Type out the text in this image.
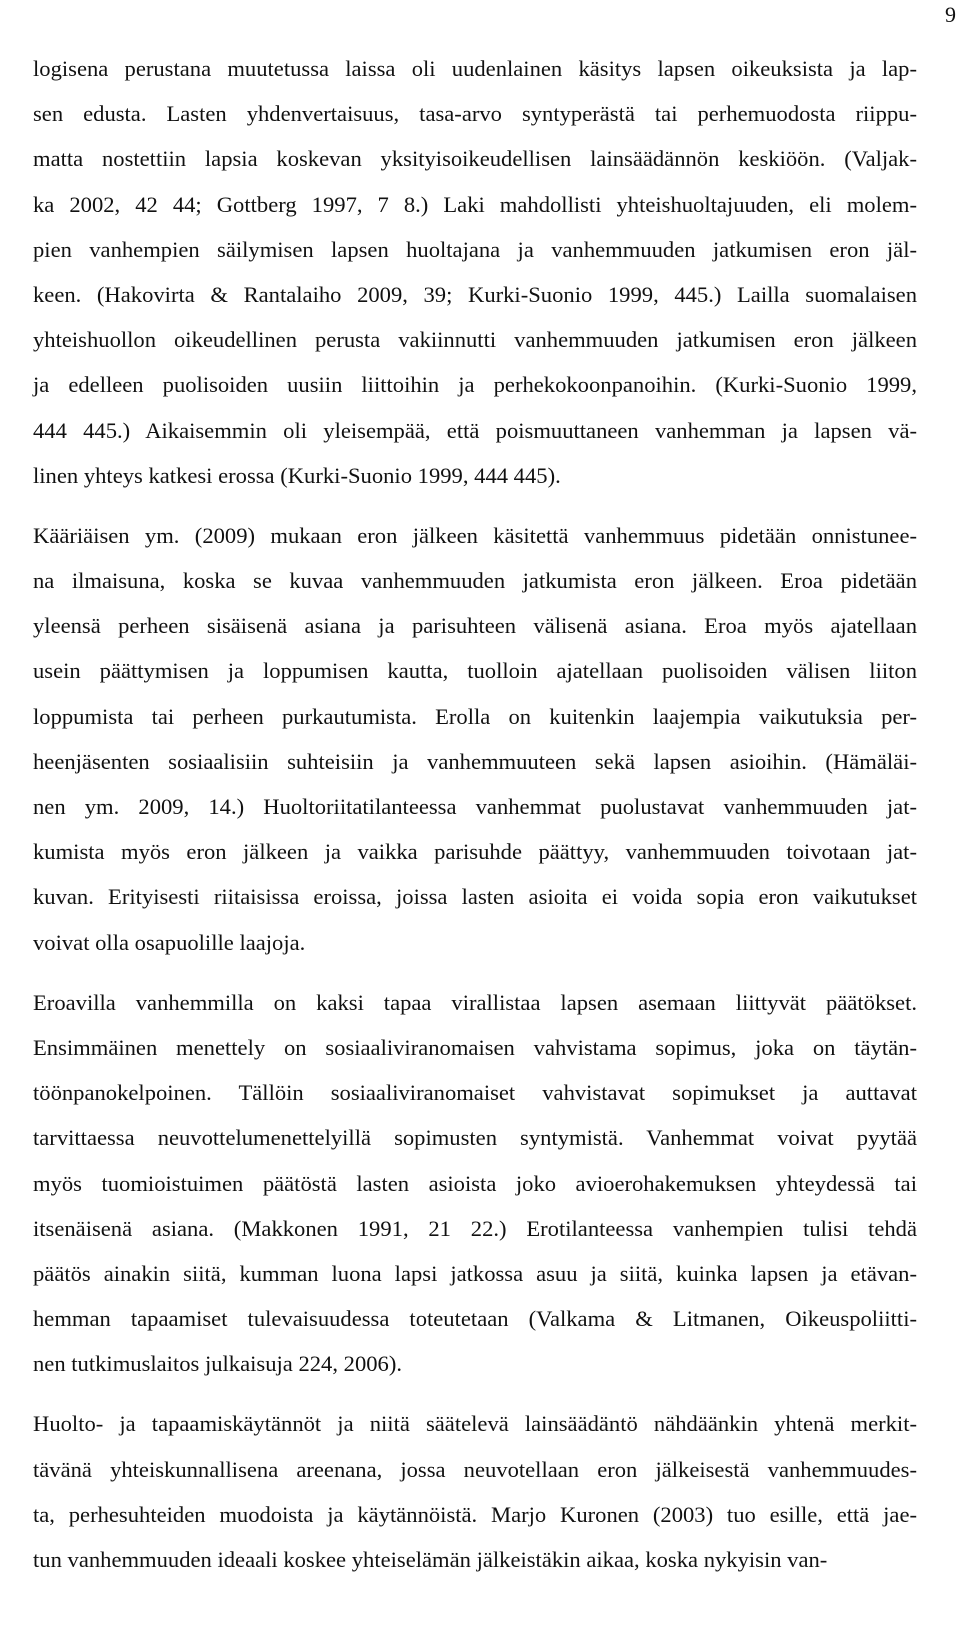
9
logisena perustana muutetussa laissa oli uudenlainen käsitys lapsen oikeuksista ja lap-
sen edusta. Lasten yhdenvertaisuus, tasa-arvo syntyperästä tai perhemuodosta riippu-
matta nostettiin lapsia koskevan yksityisoikeudellisen lainsäädännön keskiöön. (Valjak-
ka 2002, 42 44; Gottberg 1997, 7 8.) Laki mahdollisti yhteishuoltajuuden, eli molem-
pien vanhempien säilymisen lapsen huoltajana ja vanhemmuuden jatkumisen eron jäl-
keen. (Hakovirta & Rantalaiho 2009, 39; Kurki-Suonio 1999, 445.) Lailla suomalaisen
yhteishuollon oikeudellinen perusta vakiinnutti vanhemmuuden jatkumisen eron jälkeen
ja edelleen puolisoiden uusiin liittoihin ja perhekokoonpanoihin. (Kurki-Suonio 1999,
444 445.) Aikaisemmin oli yleisempää, että poismuuttaneen vanhemman ja lapsen vä-
linen yhteys katkesi erossa (Kurki-Suonio 1999, 444 445).
Kääriäisen ym. (2009) mukaan eron jälkeen käsitettä vanhemmuus pidetään onnistunee-
na ilmaisuna, koska se kuvaa vanhemmuuden jatkumista eron jälkeen. Eroa pidetään
yleensä perheen sisäisenä asiana ja parisuhteen välisenä asiana. Eroa myös ajatellaan
usein päättymisen ja loppumisen kautta, tuolloin ajatellaan puolisoiden välisen liiton
loppumista tai perheen purkautumista. Erolla on kuitenkin laajempia vaikutuksia per-
heenjäsenten sosiaalisiin suhteisiin ja vanhemmuuteen sekä lapsen asioihin. (Hämäläi-
nen ym. 2009, 14.) Huoltoriitatilanteessa vanhemmat puolustavat vanhemmuuden jat-
kumista myös eron jälkeen ja vaikka parisuhde päättyy, vanhemmuuden toivotaan jat-
kuvan. Erityisesti riitaisissa eroissa, joissa lasten asioita ei voida sopia eron vaikutukset
voivat olla osapuolille laajoja.
Eroavilla vanhemmilla on kaksi tapaa virallistaa lapsen asemaan liittyvät päätökset.
Ensimmäinen menettely on sosiaaliviranomaisen vahvistama sopimus, joka on täytän-
töönpanokelpoinen. Tällöin sosiaaliviranomaiset vahvistavat sopimukset ja auttavat
tarvittaessa neuvottelumenettelyillä sopimusten syntymistä. Vanhemmat voivat pyytää
myös tuomioistuimen päätöstä lasten asioista joko avioerohakemuksen yhteydessä tai
itsenäisenä asiana. (Makkonen 1991, 21 22.) Erotilanteessa vanhempien tulisi tehdä
päätös ainakin siitä, kumman luona lapsi jatkossa asuu ja siitä, kuinka lapsen ja etävan-
hemman tapaamiset tulevaisuudessa toteutetaan (Valkama & Litmanen, Oikeuspoliitti-
nen tutkimuslaitos julkaisuja 224, 2006).
Huolto- ja tapaamiskäytännöt ja niitä säätelevä lainsäädäntö nähdäänkin yhtenä merkit-
tävänä yhteiskunnallisena areenana, jossa neuvotellaan eron jälkeisestä vanhemmuudes-
ta, perhesuhteiden muodoista ja käytännöistä. Marjo Kuronen (2003) tuo esille, että jae-
tun vanhemmuuden ideaali koskee yhteiselämän jälkeistäkin aikaa, koska nykyisin van-
